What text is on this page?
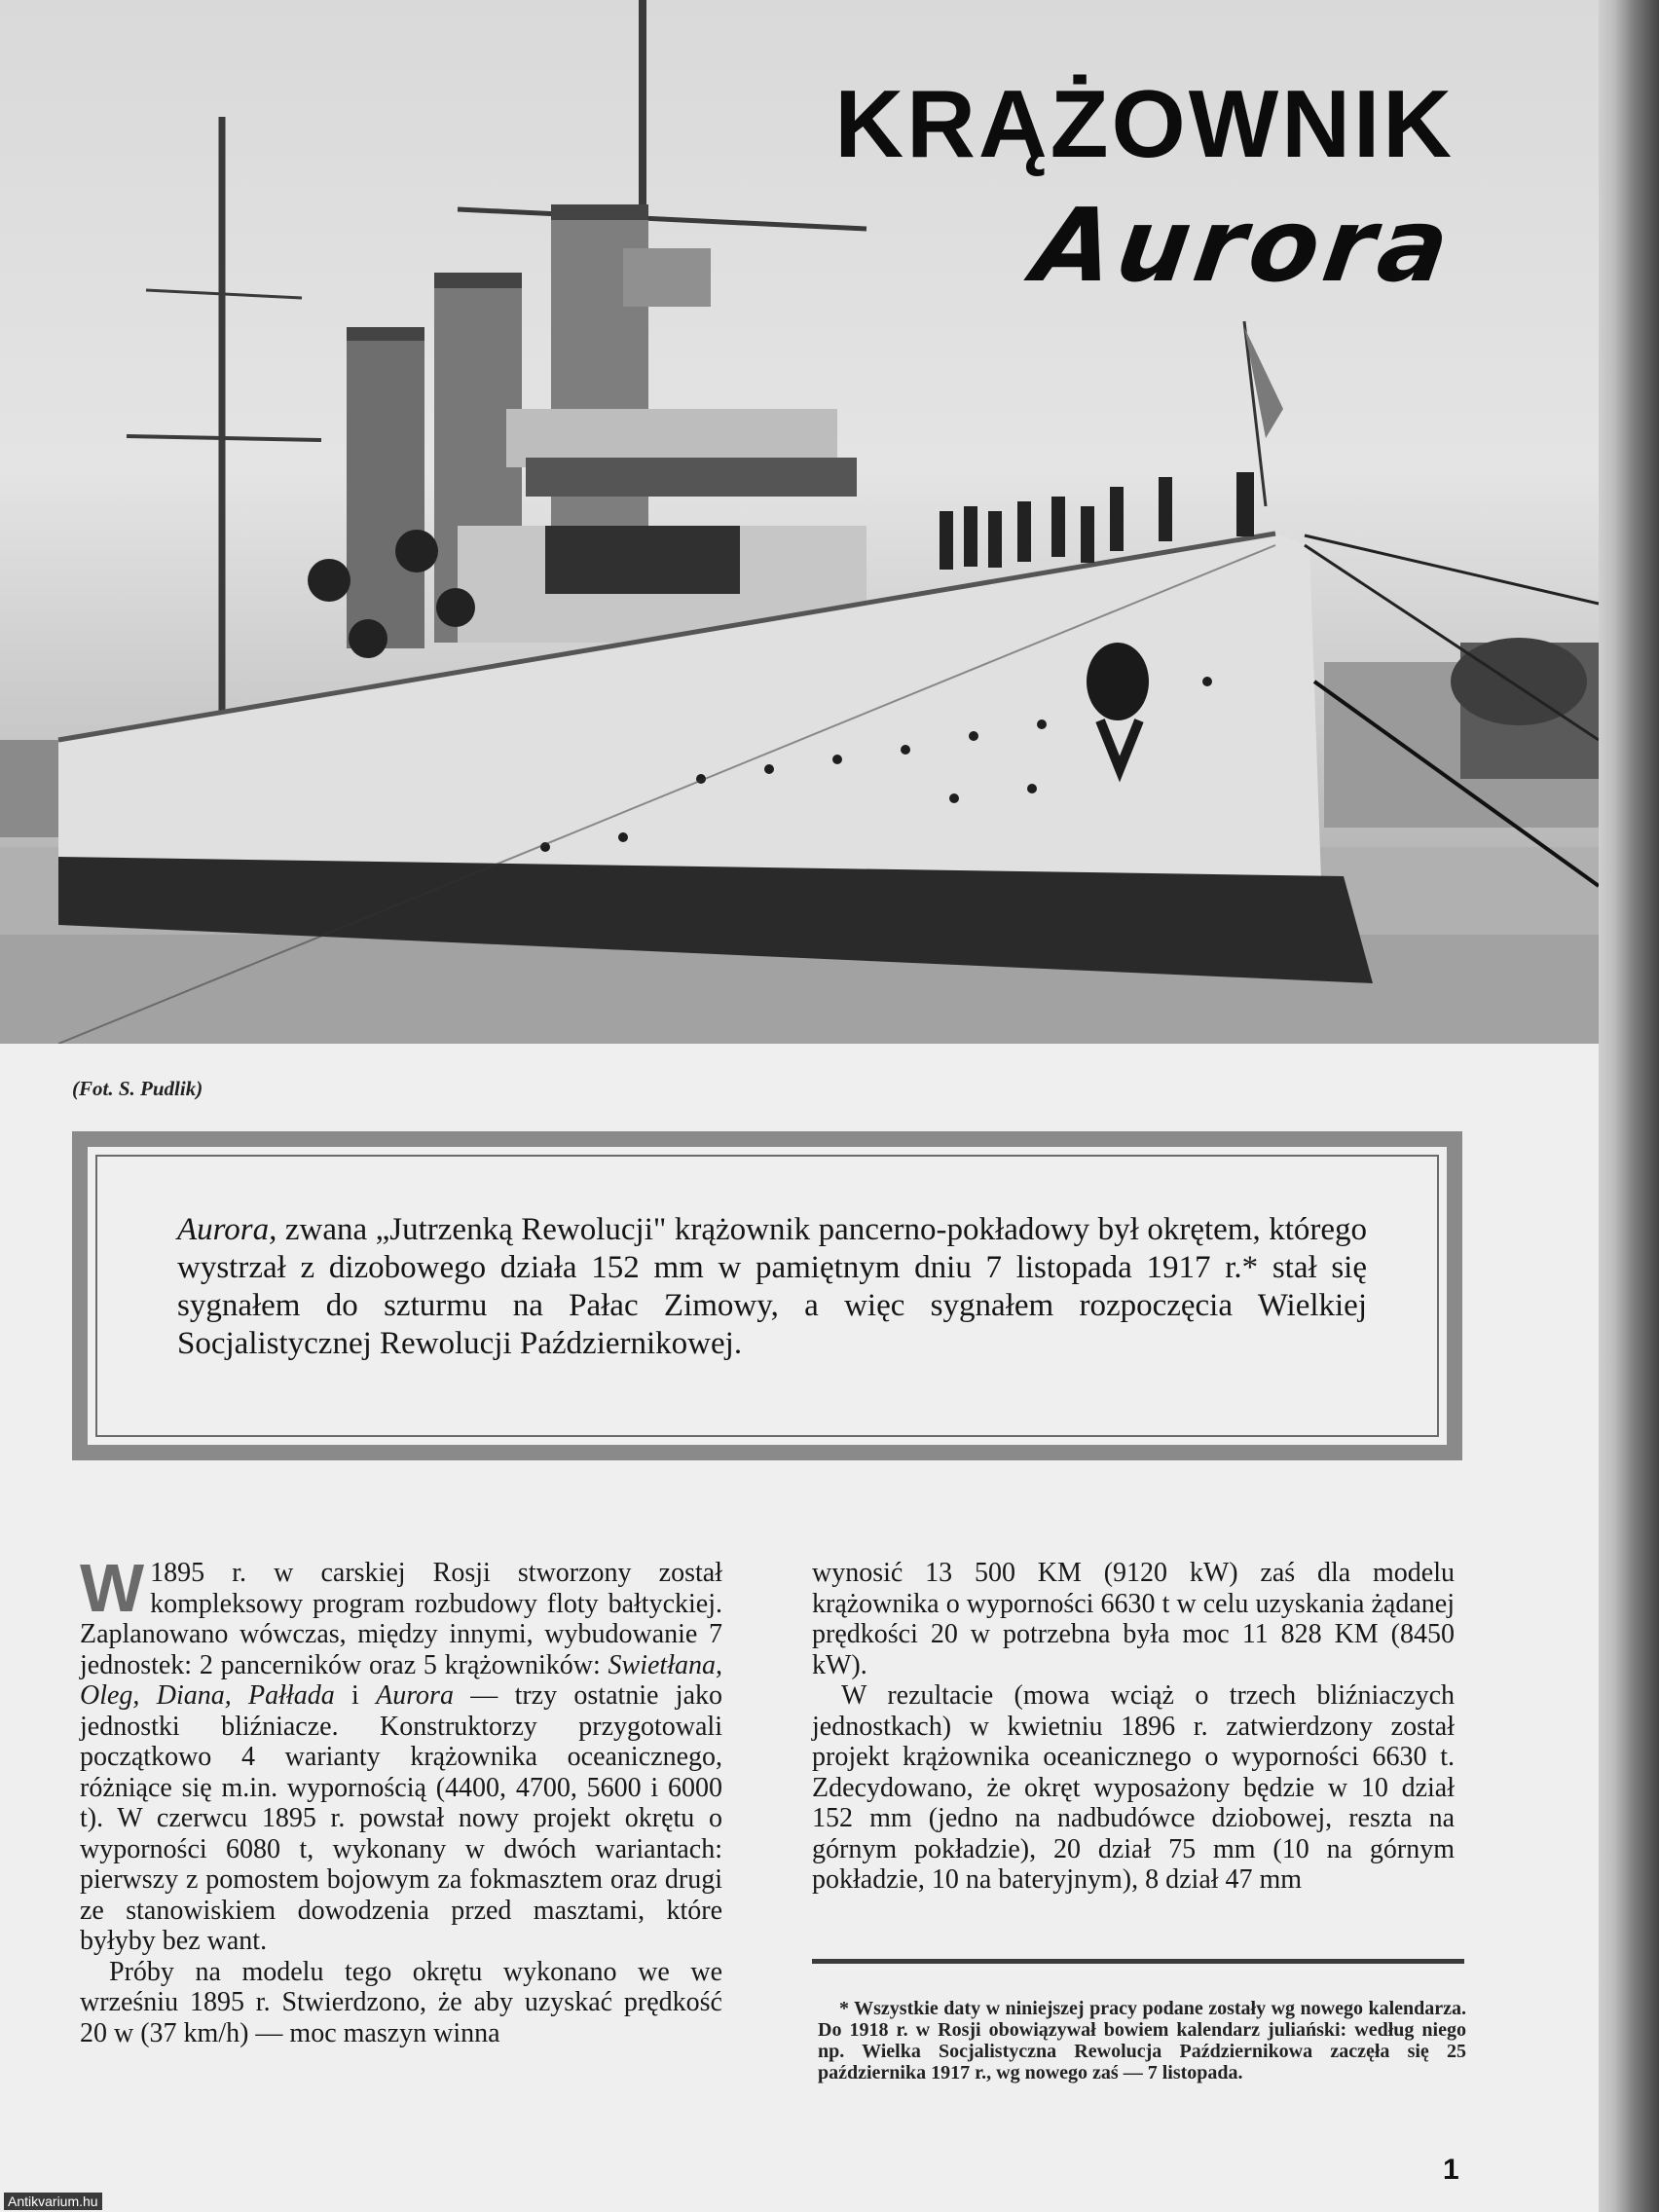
KRĄŻOWNIK
Aurora

(Fot. S. Pudlik)

Aurora, zwana „Jutrzenką Rewolucji" krążownik pancerno-pokładowy był okrętem, którego wystrzał z dizobowego działa 152 mm w pamiętnym dniu 7 listopada 1917 r.* stał się sygnałem do szturmu na Pałac Zimowy, a więc sygnałem rozpoczęcia Wielkiej Socjalistycznej Rewolucji Październikowej.

W 1895 r. w carskiej Rosji stworzony został kompleksowy program rozbudowy floty bałtyckiej. Zaplanowano wówczas, między innymi, wybudowanie 7 jednostek: 2 pancerników oraz 5 krążowników: Swietłana, Oleg, Diana, Pałłada i Aurora — trzy ostatnie jako jednostki bliźniacze. Konstruktorzy przygotowali początkowo 4 warianty krążownika oceanicznego, różniące się m.in. wypornością (4400, 4700, 5600 i 6000 t). W czerwcu 1895 r. powstał nowy projekt okrętu o wyporności 6080 t, wykonany w dwóch wariantach: pierwszy z pomostem bojowym za fokmasztem oraz drugi ze stanowiskiem dowodzenia przed masztami, które byłyby bez want.

Próby na modelu tego okrętu wykonano we we wrześniu 1895 r. Stwierdzono, że aby uzyskać prędkość 20 w (37 km/h) — moc maszyn winna

wynosić 13 500 KM (9120 kW) zaś dla modelu krążownika o wyporności 6630 t w celu uzyskania żądanej prędkości 20 w potrzebna była moc 11 828 KM (8450 kW).

W rezultacie (mowa wciąż o trzech bliźniaczych jednostkach) w kwietniu 1896 r. zatwierdzony został projekt krążownika oceanicznego o wyporności 6630 t. Zdecydowano, że okręt wyposażony będzie w 10 dział 152 mm (jedno na nadbudówce dziobowej, reszta na górnym pokładzie), 20 dział 75 mm (10 na górnym pokładzie, 10 na bateryjnym), 8 dział 47 mm

* Wszystkie daty w niniejszej pracy podane zostały wg nowego kalendarza. Do 1918 r. w Rosji obowiązywał bowiem kalendarz juliański: według niego np. Wielka Socjalistyczna Rewolucja Październikowa zaczęła się 25 października 1917 r., wg nowego zaś — 7 listopada.

1

Antikvarium.hu
